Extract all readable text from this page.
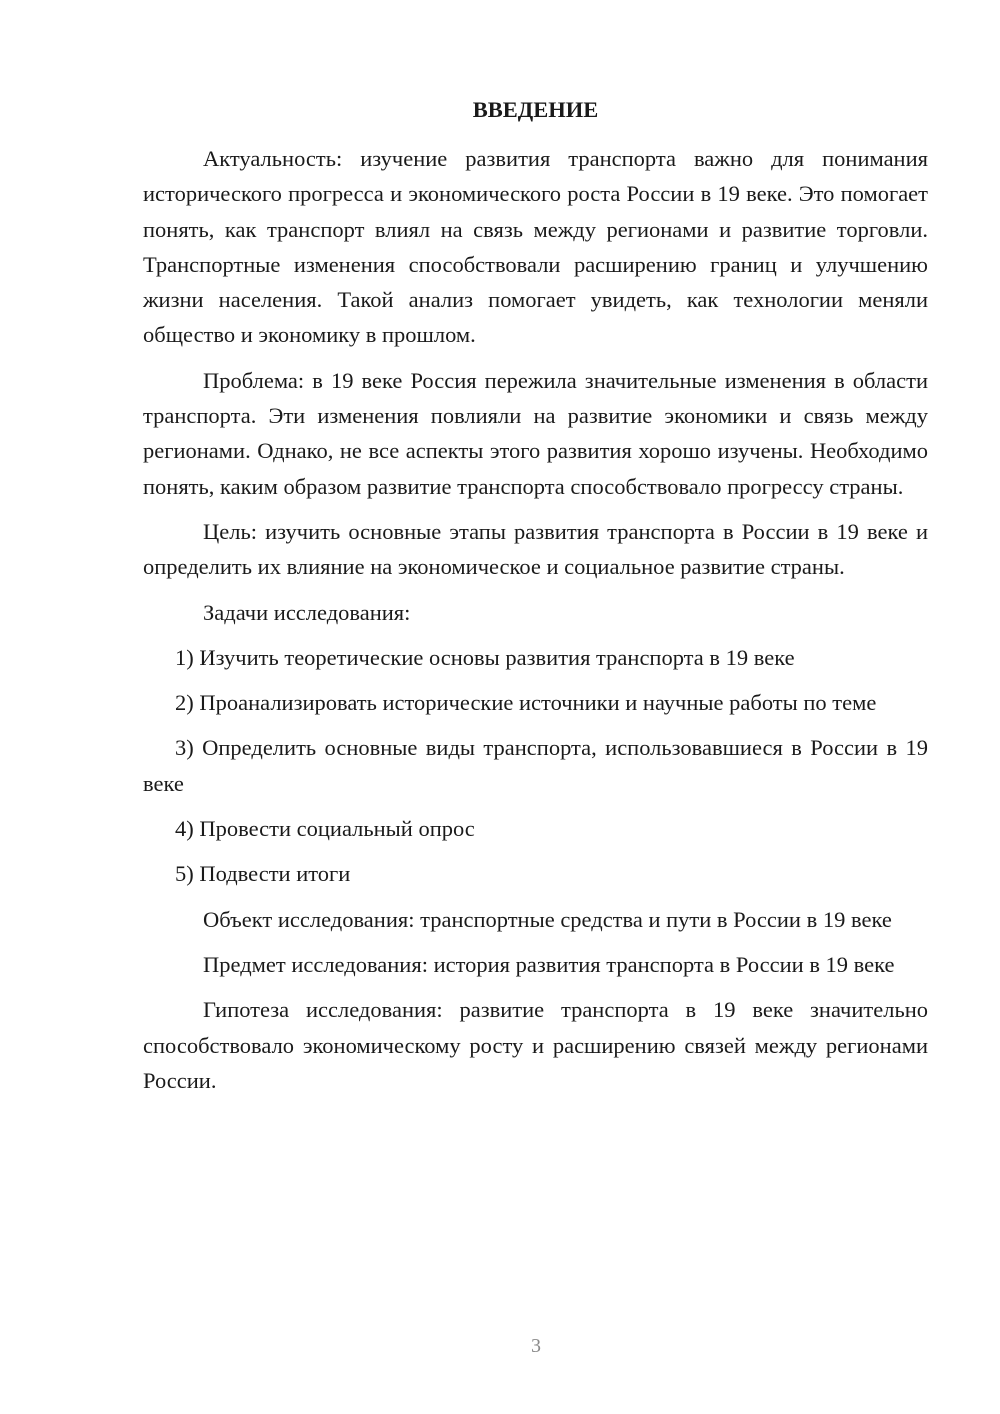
ВВЕДЕНИЕ

Актуальность: изучение развития транспорта важно для понимания исторического прогресса и экономического роста России в 19 веке. Это помогает понять, как транспорт влиял на связь между регионами и развитие торговли. Транспортные изменения способствовали расширению границ и улучшению жизни населения. Такой анализ помогает увидеть, как технологии меняли общество и экономику в прошлом.

Проблема: в 19 веке Россия пережила значительные изменения в области транспорта. Эти изменения повлияли на развитие экономики и связь между регионами. Однако, не все аспекты этого развития хорошо изучены. Необходимо понять, каким образом развитие транспорта способствовало прогрессу страны.

Цель: изучить основные этапы развития транспорта в России в 19 веке и определить их влияние на экономическое и социальное развитие страны.

Задачи исследования:

1) Изучить теоретические основы развития транспорта в 19 веке

2) Проанализировать исторические источники и научные работы по теме

3) Определить основные виды транспорта, использовавшиеся в России в 19 веке

4) Провести социальный опрос

5) Подвести итоги

Объект исследования: транспортные средства и пути в России в 19 веке

Предмет исследования: история развития транспорта в России в 19 веке

Гипотеза исследования: развитие транспорта в 19 веке значительно способствовало экономическому росту и расширению связей между регионами России.

3
